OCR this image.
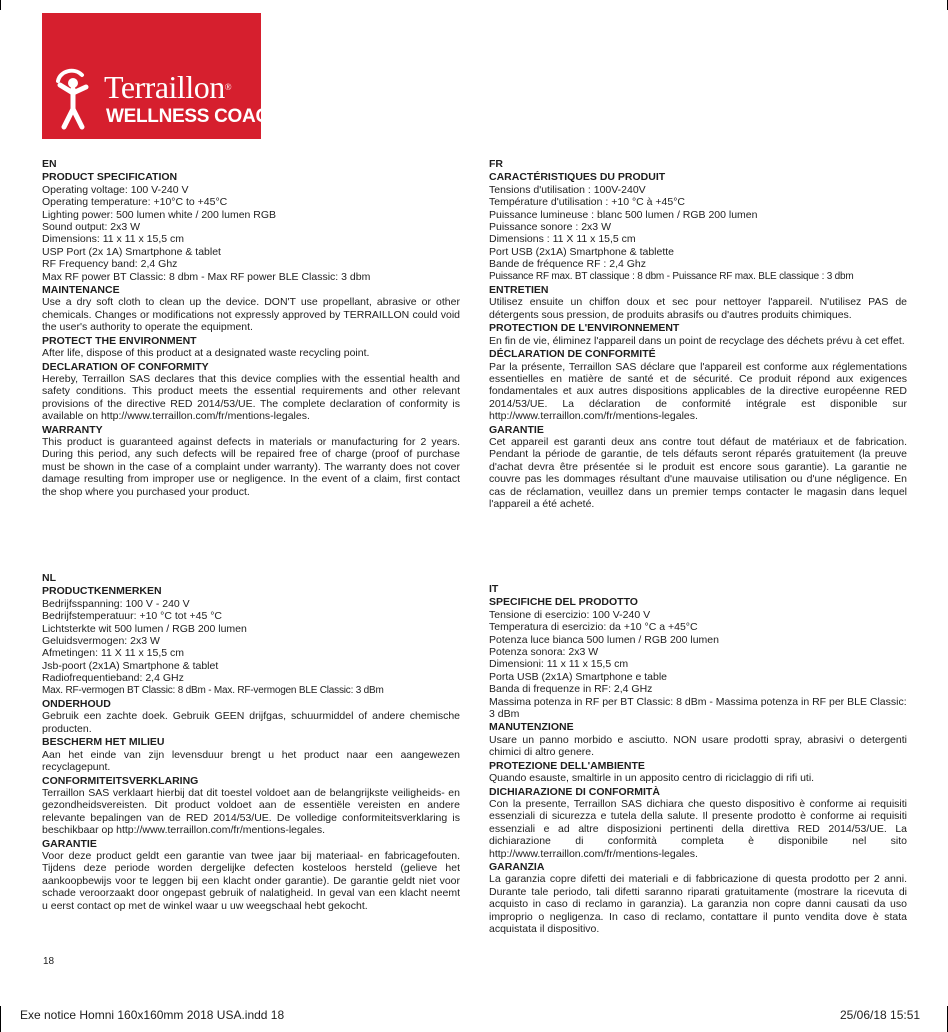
Terraillon®
WELLNESS COACH
EN
PRODUCT SPECIFICATION
Operating voltage: 100 V-240 V
Operating temperature: +10°C to +45°C
Lighting power: 500 lumen white / 200 lumen RGB
Sound output: 2x3 W
Dimensions: 11 x 11 x 15,5 cm
USP Port (2x 1A) Smartphone & tablet
RF Frequency band: 2,4 Ghz
Max RF power BT Classic: 8 dbm - Max RF power BLE Classic: 3 dbm
MAINTENANCE

Use a dry soft cloth to clean up the device. DON'T use propellant, abrasive or other chemicals. Changes or modifications not expressly approved by TERRAILLON could void the user's authority to operate the equipment.

PROTECT THE ENVIRONMENT

After life, dispose of this product at a designated waste recycling point.

DECLARATION OF CONFORMITY

Hereby, Terraillon SAS declares that this device complies with the essential health and safety conditions. This product meets the essential requirements and other relevant provisions of the directive RED 2014/53/UE. The complete declaration of conformity is available on http://www.terraillon.com/fr/mentions-legales.

WARRANTY

This product is guaranteed against defects in materials or manufacturing for 2 years. During this period, any such defects will be repaired free of charge (proof of purchase must be shown in the case of a complaint under warranty). The warranty does not cover damage resulting from improper use or negligence. In the event of a claim, first contact the shop where you purchased your product.

FR
CARACTÉRISTIQUES DU PRODUIT
Tensions d'utilisation : 100V-240V
Température d'utilisation : +10 °C à +45°C
Puissance lumineuse : blanc 500 lumen / RGB 200 lumen
Puissance sonore : 2x3 W
Dimensions : 11 X 11 x 15,5 cm
Port USB (2x1A) Smartphone & tablette
Bande de fréquence RF : 2,4 Ghz
Puissance RF max. BT classique : 8 dbm - Puissance RF max. BLE classique : 3 dbm
ENTRETIEN

Utilisez ensuite un chiffon doux et sec pour nettoyer l'appareil. N'utilisez PAS de détergents sous pression, de produits abrasifs ou d'autres produits chimiques.

PROTECTION DE L'ENVIRONNEMENT

En fin de vie, éliminez l'appareil dans un point de recyclage des déchets prévu à cet effet.

DÉCLARATION DE CONFORMITÉ

Par la présente, Terraillon SAS déclare que l'appareil est conforme aux réglementations essentielles en matière de santé et de sécurité. Ce produit répond aux exigences fondamentales et aux autres dispositions applicables de la directive européenne RED 2014/53/UE. La déclaration de conformité intégrale est disponible sur http://www.terraillon.com/fr/mentions-legales.

GARANTIE

Cet appareil est garanti deux ans contre tout défaut de matériaux et de fabrication. Pendant la période de garantie, de tels défauts seront réparés gratuitement (la preuve d'achat devra être présentée si le produit est encore sous garantie). La garantie ne couvre pas les dommages résultant d'une mauvaise utilisation ou d'une négligence. En cas de réclamation, veuillez dans un premier temps contacter le magasin dans lequel l'appareil a été acheté.

NL
PRODUCTKENMERKEN
Bedrijfsspanning: 100 V - 240 V
Bedrijfstemperatuur: +10 °C tot +45 °C
Lichtsterkte wit 500 lumen / RGB 200 lumen
Geluidsvermogen: 2x3 W
Afmetingen: 11 X 11 x 15,5 cm
Jsb-poort (2x1A) Smartphone & tablet
Radiofrequentieband: 2,4 GHz
Max. RF-vermogen BT Classic: 8 dBm - Max. RF-vermogen BLE Classic: 3 dBm
ONDERHOUD

Gebruik een zachte doek. Gebruik GEEN drijfgas, schuurmiddel of andere chemische producten.

BESCHERM HET MILIEU

Aan het einde van zijn levensduur brengt u het product naar een aangewezen recyclagepunt.

CONFORMITEITSVERKLARING

Terraillon SAS verklaart hierbij dat dit toestel voldoet aan de belangrijkste veiligheids- en gezondheidsvereisten. Dit product voldoet aan de essentiële vereisten en andere relevante bepalingen van de RED 2014/53/UE. De volledige conformiteitsverklaring is beschikbaar op http://www.terraillon.com/fr/mentions-legales.

GARANTIE

Voor deze product geldt een garantie van twee jaar bij materiaal- en fabricagefouten. Tijdens deze periode worden dergelijke defecten kosteloos hersteld (gelieve het aankoopbewijs voor te leggen bij een klacht onder garantie). De garantie geldt niet voor schade veroorzaakt door ongepast gebruik of nalatigheid. In geval van een klacht neemt u eerst contact op met de winkel waar u uw weegschaal hebt gekocht.

IT
SPECIFICHE DEL PRODOTTO
Tensione di esercizio: 100 V-240 V
Temperatura di esercizio: da +10 °C a +45°C
Potenza luce bianca 500 lumen / RGB 200 lumen
Potenza sonora: 2x3 W
Dimensioni: 11 x 11 x 15,5 cm
Porta USB (2x1A) Smartphone e table
Banda di frequenze in RF: 2,4 GHz
Massima potenza in RF per BT Classic: 8 dBm - Massima potenza in RF per BLE Classic: 3 dBm
MANUTENZIONE

Usare un panno morbido e asciutto. NON usare prodotti spray, abrasivi o detergenti chimici di altro genere.

PROTEZIONE DELL'AMBIENTE

Quando esauste, smaltirle in un apposito centro di riciclaggio di rifi uti.

DICHIARAZIONE DI CONFORMITÀ

Con la presente, Terraillon SAS dichiara che questo dispositivo è conforme ai requisiti essenziali di sicurezza e tutela della salute. Il presente prodotto è conforme ai requisiti essenziali e ad altre disposizioni pertinenti della direttiva RED 2014/53/UE. La dichiarazione di conformità completa è disponibile nel sito http://www.terraillon.com/fr/mentions-legales.

GARANZIA

La garanzia copre difetti dei materiali e di fabbricazione di questa prodotto per 2 anni. Durante tale periodo, tali difetti saranno riparati gratuitamente (mostrare la ricevuta di acquisto in caso di reclamo in garanzia). La garanzia non copre danni causati da uso improprio o negligenza. In caso di reclamo, contattare il punto vendita dove è stata acquistata il dispositivo.

18
Exe notice Homni 160x160mm 2018 USA.indd 18	25/06/18 15:51
